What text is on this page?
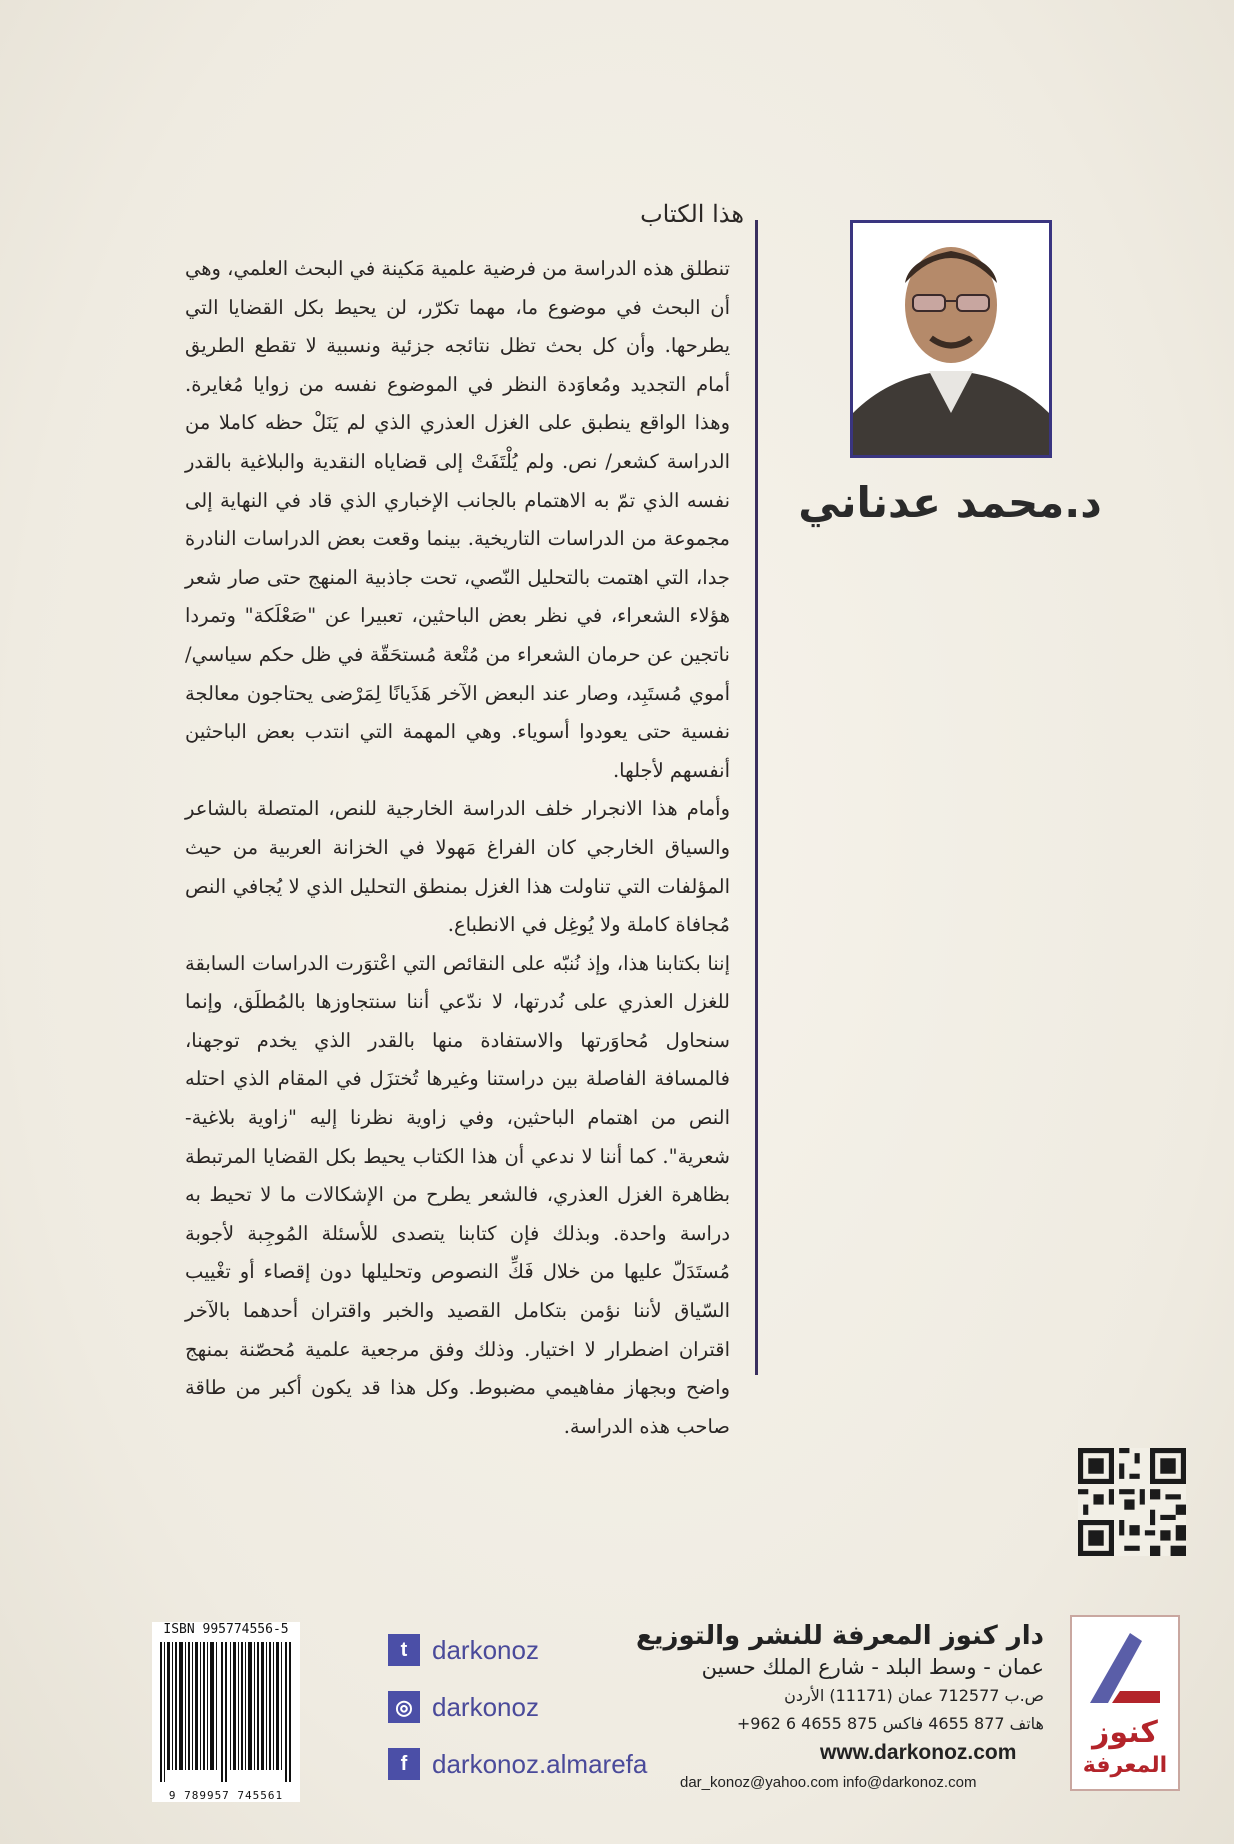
هذا الكتاب

تنطلق هذه الدراسة من فرضية علمية مَكينة في البحث العلمي، وهي أن البحث في موضوع ما، مهما تكرّر، لن يحيط بكل القضايا التي يطرحها. وأن كل بحث تظل نتائجه جزئية ونسبية لا تقطع الطريق أمام التجديد ومُعاوَدة النظر في الموضوع نفسه من زوايا مُغايرة. وهذا الواقع ينطبق على الغزل العذري الذي لم يَنَلْ حظه كاملا من الدراسة كشعر/ نص. ولم يُلْتَفَتْ إلى قضاياه النقدية والبلاغية بالقدر نفسه الذي تمّ به الاهتمام بالجانب الإخباري الذي قاد في النهاية إلى مجموعة من الدراسات التاريخية. بينما وقعت بعض الدراسات النادرة جدا، التي اهتمت بالتحليل النّصي، تحت جاذبية المنهج حتى صار شعر هؤلاء الشعراء، في نظر بعض الباحثين، تعبيرا عن "صَعْلَكة" وتمردا ناتجين عن حرمان الشعراء من مُتْعة مُستحَقّة في ظل حكم سياسي/ أموي مُستَبِد، وصار عند البعض الآخر هَذَيانًا لِمَرْضى يحتاجون معالجة نفسية حتى يعودوا أسوياء. وهي المهمة التي انتدب بعض الباحثين أنفسهم لأجلها.

وأمام هذا الانجرار خلف الدراسة الخارجية للنص، المتصلة بالشاعر والسياق الخارجي كان الفراغ مَهولا في الخزانة العربية من حيث المؤلفات التي تناولت هذا الغزل بمنطق التحليل الذي لا يُجافي النص مُجافاة كاملة ولا يُوغِل في الانطباع.

إننا بكتابنا هذا، وإذ نُنبّه على النقائص التي اعْتوَرت الدراسات السابقة للغزل العذري على نُدرتها، لا ندّعي أننا سنتجاوزها بالمُطلَق، وإنما سنحاول مُحاوَرتها والاستفادة منها بالقدر الذي يخدم توجهنا، فالمسافة الفاصلة بين دراستنا وغيرها تُختزَل في المقام الذي احتله النص من اهتمام الباحثين، وفي زاوية نظرنا إليه "زاوية بلاغية-شعرية". كما أننا لا ندعي أن هذا الكتاب يحيط بكل القضايا المرتبطة بظاهرة الغزل العذري، فالشعر يطرح من الإشكالات ما لا تحيط به دراسة واحدة. وبذلك فإن كتابنا يتصدى للأسئلة المُوجِبة لأجوبة مُستَدَلّ عليها من خلال فَكِّ النصوص وتحليلها دون إقصاء أو تغْييب السّياق لأننا نؤمن بتكامل القصيد والخبر واقتران أحدهما بالآخر اقتران اضطرار لا اختيار. وذلك وفق مرجعية علمية مُحصّنة بمنهج واضح وبجهاز مفاهيمي مضبوط. وكل هذا قد يكون أكبر من طاقة صاحب هذه الدراسة.

د.محمد عدناني
ISBN 995774556-5
9 789957 745561
t darkonoz
◎ darkonoz
f darkonoz.almarefa
دار كنوز المعرفة للنشر والتوزيع
عمان - وسط البلد - شارع الملك حسين
ص.ب 712577 عمان (11171) الأردن
هاتف 877 4655 فاكس 875 4655 6 962+
www.darkonoz.com
dar_konoz@yahoo.com info@darkonoz.com
كنوز
المعرفة
